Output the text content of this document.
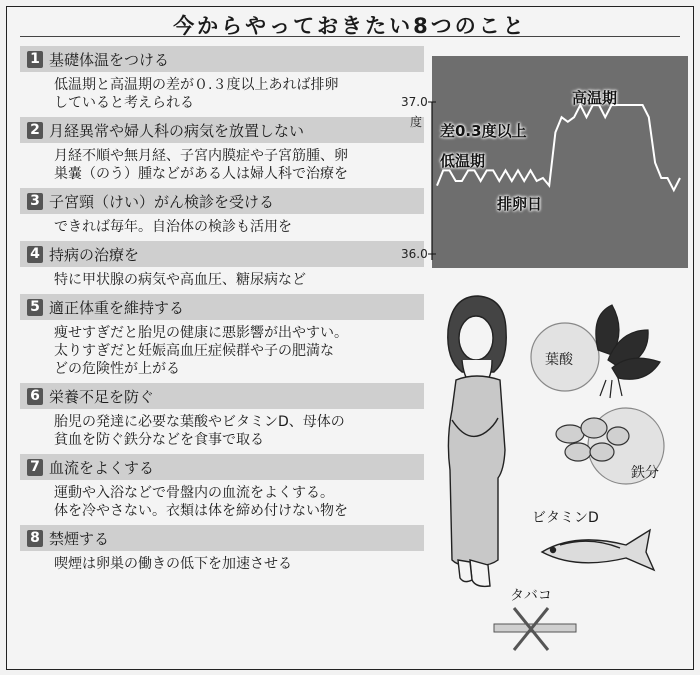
今からやっておきたい8つのこと
1 基礎体温をつける
低温期と高温期の差が０.３度以上あれば排卵
していると考えられる
2 月経異常や婦人科の病気を放置しない
月経不順や無月経、子宮内膜症や子宮筋腫、卵
巣嚢（のう）腫などがある人は婦人科で治療を
3 子宮頸（けい）がん検診を受ける
できれば毎年。自治体の検診も活用を
4 持病の治療を
特に甲状腺の病気や高血圧、糖尿病など
5 適正体重を維持する
痩せすぎだと胎児の健康に悪影響が出やすい。
太りすぎだと妊娠高血圧症候群や子の肥満な
どの危険性が上がる
6 栄養不足を防ぐ
胎児の発達に必要な葉酸やビタミンD、母体の
貧血を防ぐ鉄分などを食事で取る
7 血流をよくする
運動や入浴などで骨盤内の血流をよくする。
体を冷やさない。衣類は体を締め付けない物を
8 禁煙する
喫煙は卵巣の働きの低下を加速させる
37.0
度
36.0
高温期
差0.3度以上
低温期
排卵日
葉酸
鉄分
ビタミンD
タバコ
